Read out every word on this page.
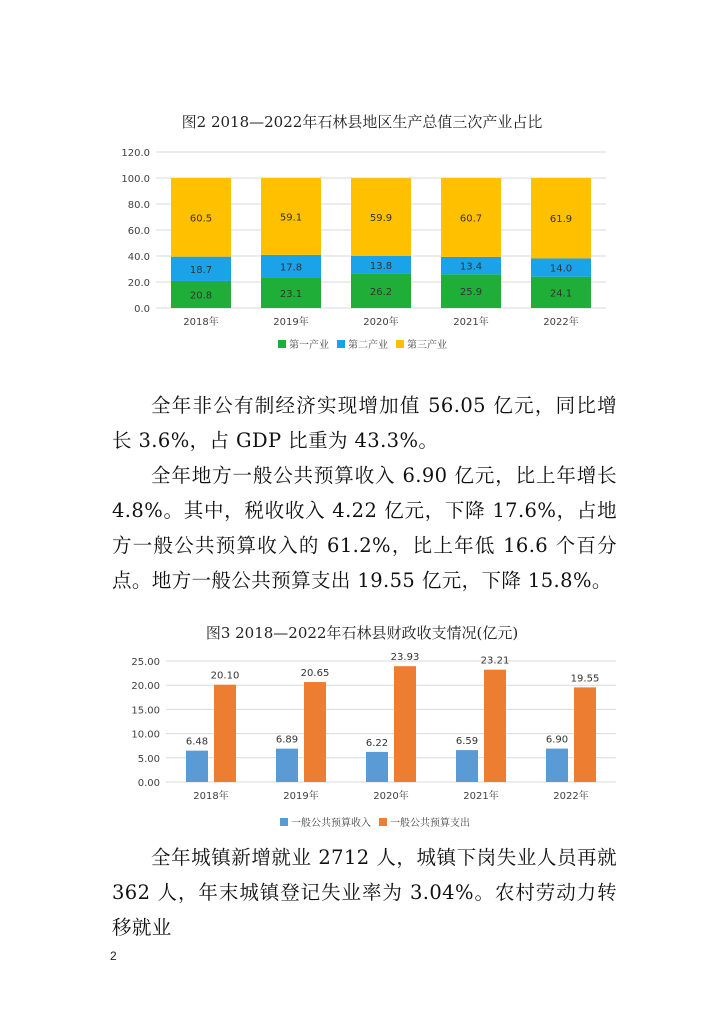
图2 2018—2022年石林县地区生产总值三次产业占比
0.0
20.0
40.0
60.0
80.0
100.0
120.0
20.8
18.7
60.5
2018年
23.1
17.8
59.1
2019年
26.2
13.8
59.9
2020年
25.9
13.4
60.7
2021年
24.1
14.0
61.9
2022年
第一产业 第二产业 第三产业

全年非公有制经济实现增加值 56.05 亿元，同比增长 3.6%，占 GDP 比重为 43.3%。

全年地方一般公共预算收入 6.90 亿元，比上年增长 4.8%。其中，税收收入 4.22 亿元，下降 17.6%，占地方一般公共预算收入的 61.2%，比上年低 16.6 个百分点。地方一般公共预算支出 19.55 亿元，下降 15.8%。

图3 2018—2022年石林县财政收支情况(亿元)
0.00
5.00
10.00
15.00
20.00
25.00
6.48
20.10
2018年
6.89
20.65
2019年
6.22
23.93
2020年
6.59
23.21
2021年
6.90
19.55
2022年
一般公共预算收入 一般公共预算支出

全年城镇新增就业 2712 人，城镇下岗失业人员再就 362 人，年末城镇登记失业率为 3.04%。农村劳动力转移就业

2
